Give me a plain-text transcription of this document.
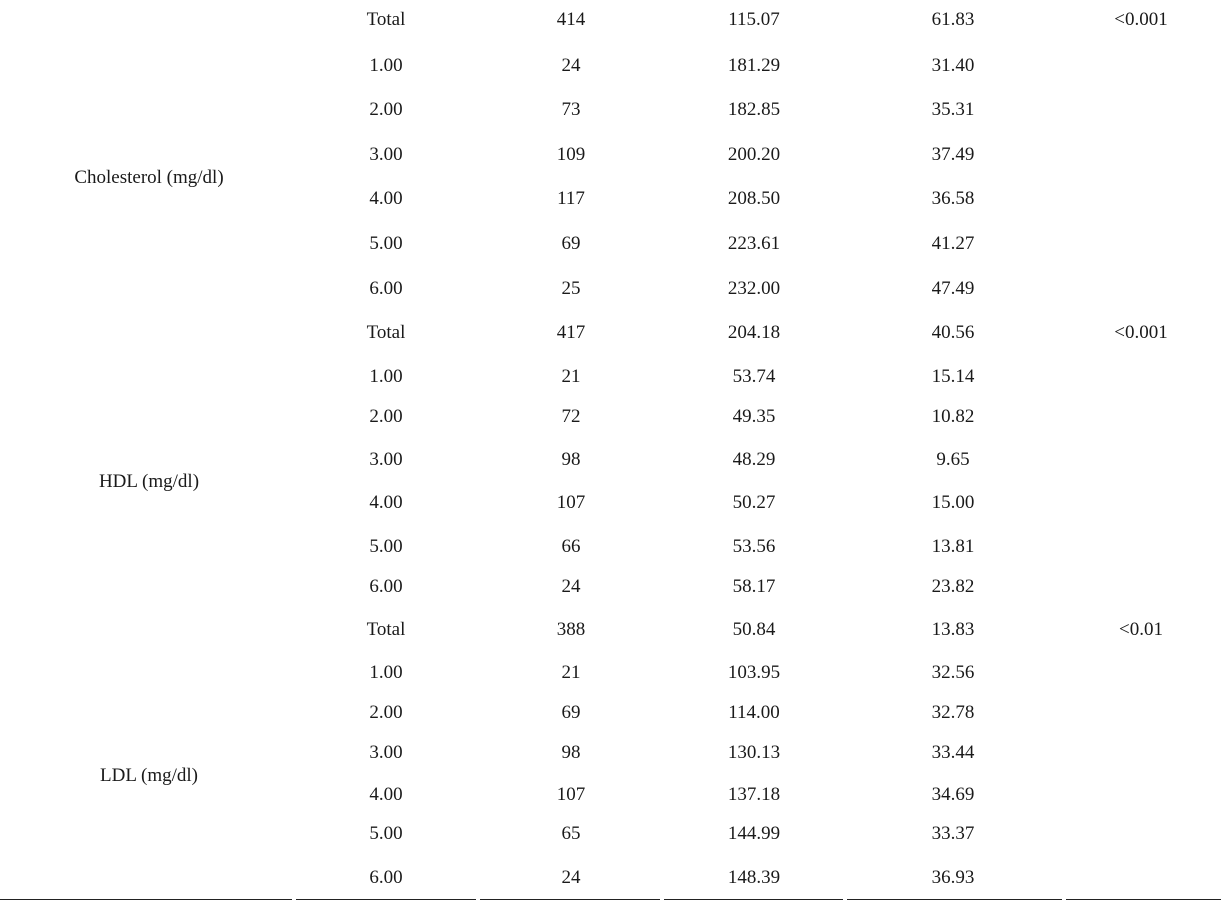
Cholesterol (mg/dl)
Total	414	115.07	61.83	<0.001
1.00	24	181.29	31.40
2.00	73	182.85	35.31
3.00	109	200.20	37.49
4.00	117	208.50	36.58
5.00	69	223.61	41.27
6.00	25	232.00	47.49
HDL (mg/dl)
Total	417	204.18	40.56	<0.001
1.00	21	53.74	15.14
2.00	72	49.35	10.82
3.00	98	48.29	9.65
4.00	107	50.27	15.00
5.00	66	53.56	13.81
6.00	24	58.17	23.82
LDL (mg/dl)
Total	388	50.84	13.83	<0.01
1.00	21	103.95	32.56
2.00	69	114.00	32.78
3.00	98	130.13	33.44
4.00	107	137.18	34.69
5.00	65	144.99	33.37
6.00	24	148.39	36.93
